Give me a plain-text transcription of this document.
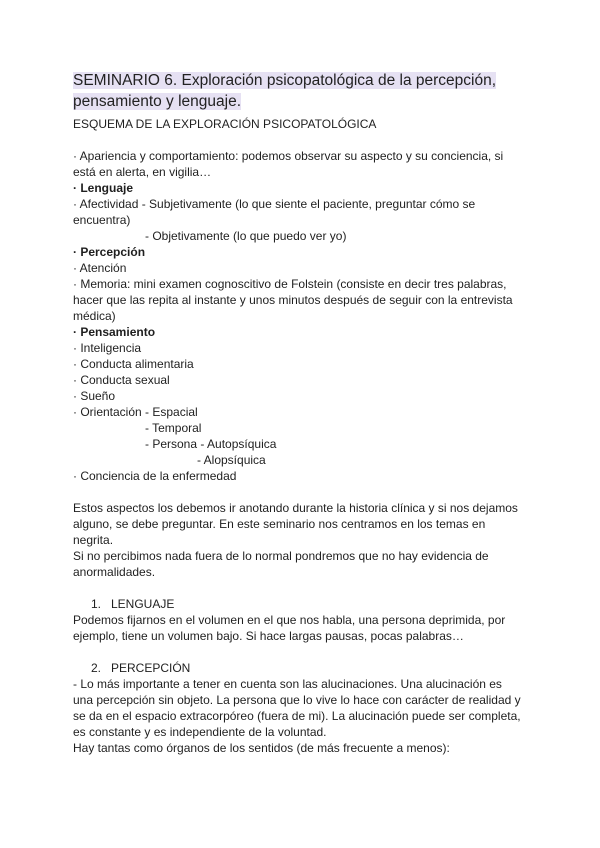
SEMINARIO 6. Exploración psicopatológica de la percepción,
pensamiento y lenguaje.
ESQUEMA DE LA EXPLORACIÓN PSICOPATOLÓGICA
· Apariencia y comportamiento: podemos observar su aspecto y su conciencia, si
está en alerta, en vigilia…
· Lenguaje
· Afectividad - Subjetivamente (lo que siente el paciente, preguntar cómo se
encuentra)
- Objetivamente (lo que puedo ver yo)
· Percepción
· Atención
· Memoria: mini examen cognoscitivo de Folstein (consiste en decir tres palabras,
hacer que las repita al instante y unos minutos después de seguir con la entrevista
médica)
· Pensamiento
· Inteligencia
· Conducta alimentaria
· Conducta sexual
· Sueño
· Orientación - Espacial
- Temporal
- Persona - Autopsíquica
- Alopsíquica
· Conciencia de la enfermedad
Estos aspectos los debemos ir anotando durante la historia clínica y si nos dejamos
alguno, se debe preguntar. En este seminario nos centramos en los temas en
negrita.
Si no percibimos nada fuera de lo normal pondremos que no hay evidencia de
anormalidades.
1. LENGUAJE
Podemos fijarnos en el volumen en el que nos habla, una persona deprimida, por
ejemplo, tiene un volumen bajo. Si hace largas pausas, pocas palabras…
2. PERCEPCIÓN
- Lo más importante a tener en cuenta son las alucinaciones. Una alucinación es
una percepción sin objeto. La persona que lo vive lo hace con carácter de realidad y
se da en el espacio extracorpóreo (fuera de mi). La alucinación puede ser completa,
es constante y es independiente de la voluntad.
Hay tantas como órganos de los sentidos (de más frecuente a menos):
